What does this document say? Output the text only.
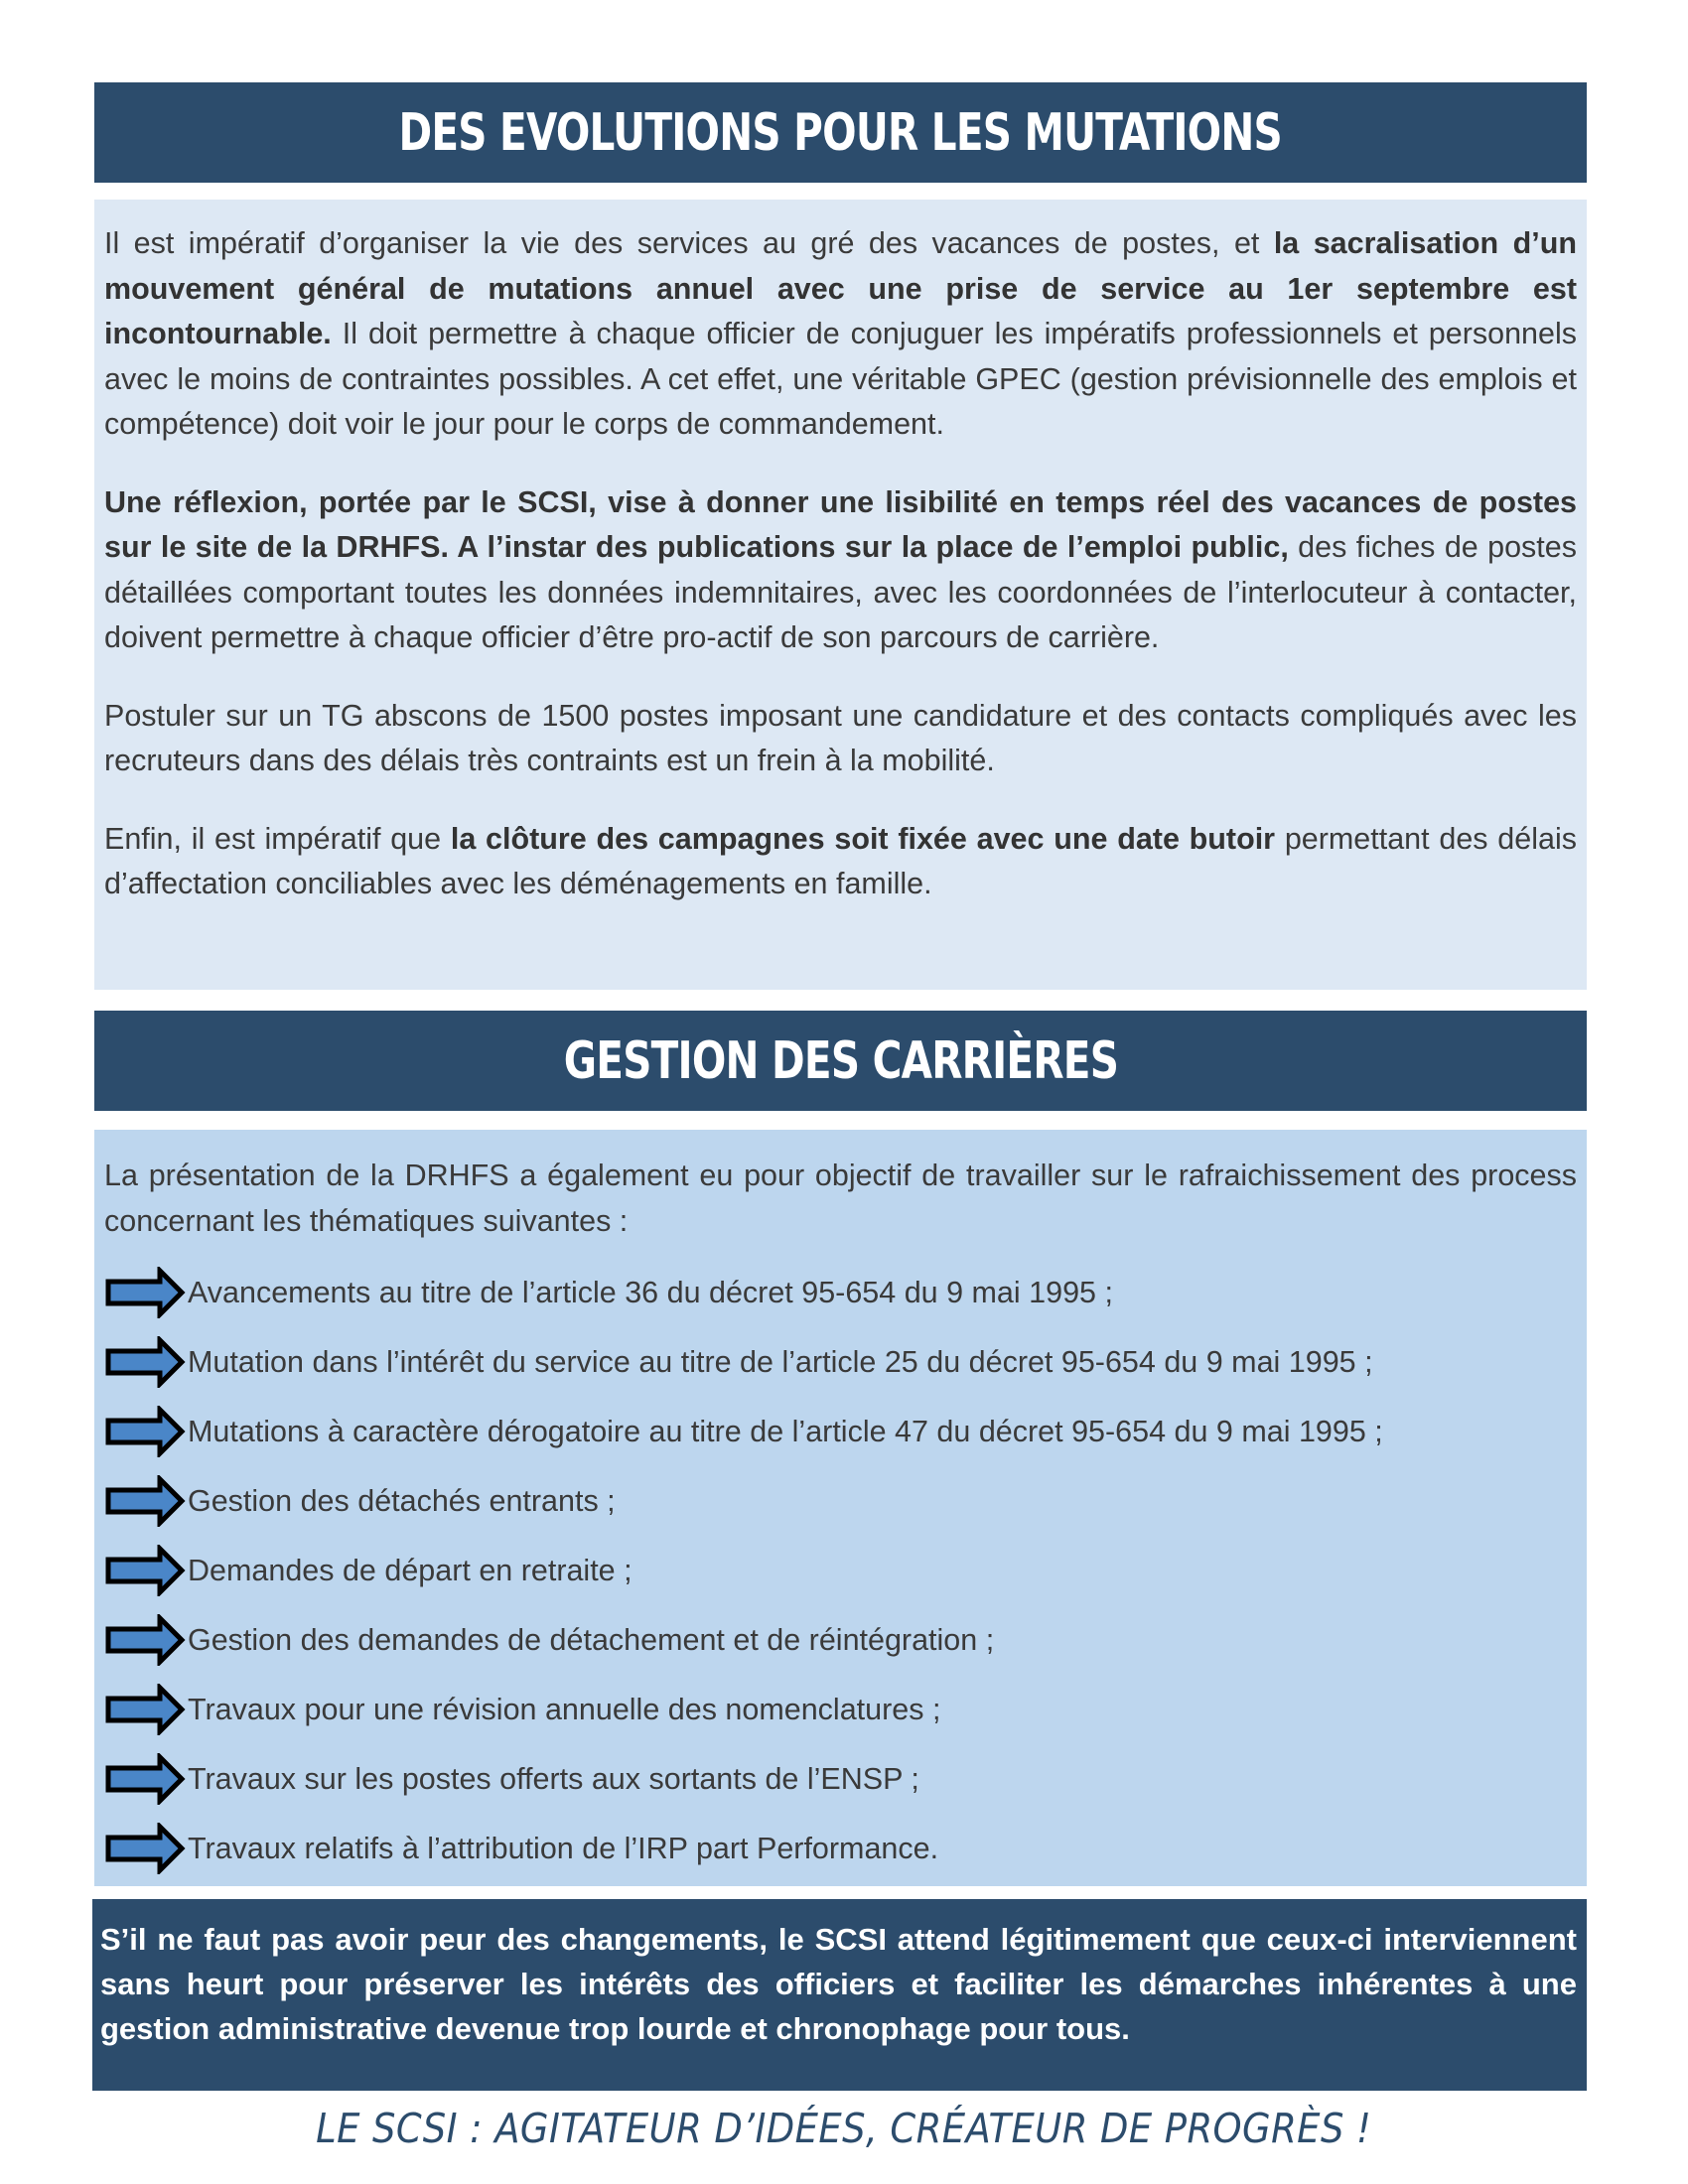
DES EVOLUTIONS POUR LES MUTATIONS

Il est impératif d’organiser la vie des services au gré des vacances de postes, et la sacralisation d’un mouvement général de mutations annuel avec une prise de service au 1er septembre est incontournable. Il doit permettre à chaque officier de conjuguer les impératifs professionnels et personnels avec le moins de contraintes possibles. A cet effet, une véritable GPEC (gestion prévisionnelle des emplois et compétence) doit voir le jour pour le corps de commandement.

Une réflexion, portée par le SCSI, vise à donner une lisibilité en temps réel des vacances de postes sur le site de la DRHFS. A l’instar des publications sur la place de l’emploi public, des fiches de postes détaillées comportant toutes les données indemnitaires, avec les coordonnées de l’interlocuteur à contacter, doivent permettre à chaque officier d’être pro-actif de son parcours de carrière.

Postuler sur un TG abscons de 1500 postes imposant une candidature et des contacts compliqués avec les recruteurs dans des délais très contraints est un frein à la mobilité.

Enfin, il est impératif que la clôture des campagnes soit fixée avec une date butoir permettant des délais d’affectation conciliables avec les déménagements en famille.

GESTION DES CARRIÈRES

La présentation de la DRHFS a également eu pour objectif de travailler sur le rafraichissement des process concernant les thématiques suivantes :

Avancements au titre de l’article 36 du décret 95-654 du 9 mai 1995 ;
Mutation dans l’intérêt du service au titre de l’article 25 du décret 95-654 du 9 mai 1995 ;
Mutations à caractère dérogatoire au titre de l’article 47 du décret 95-654 du 9 mai 1995 ;
Gestion des détachés entrants ;
Demandes de départ en retraite ;
Gestion des demandes de détachement et de réintégration ;
Travaux pour une révision annuelle des nomenclatures ;
Travaux sur les postes offerts aux sortants de l’ENSP ;
Travaux relatifs à l’attribution de l’IRP part Performance.

S’il ne faut pas avoir peur des changements, le SCSI attend légitimement que ceux-ci interviennent sans heurt pour préserver les intérêts des officiers et faciliter les démarches inhérentes à une gestion administrative devenue trop lourde et chronophage pour tous.

LE SCSI : AGITATEUR D’IDÉES, CRÉATEUR DE PROGRÈS !
